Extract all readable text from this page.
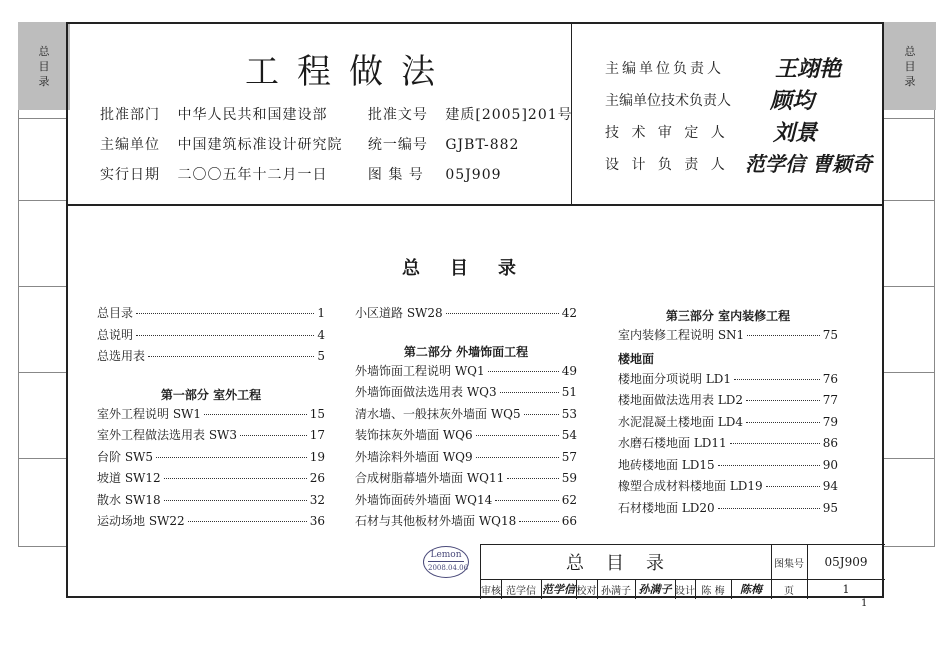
总
目
录
总
目
录
工程做法
批准部门 中华人民共和国建设部	批准文号 建质[2005]201号
主编单位 中国建筑标准设计研究院 统一编号 GJBT-882
实行日期 二〇〇五年十二月一日	图 集 号 05J909
主编单位负责人 王翊艳
主编单位技术负责人 顾均
技 术 审 定 人 刘景
设 计 负 责 人 范学信 曹颖奇
总目录
总目录	1
总说明	4
总选用表	5
第一部分 室外工程
室外工程说明 SW1	15
室外工程做法选用表 SW3	17
台阶 SW5	19
坡道 SW12	26
散水 SW18	32
运动场地 SW22	36
小区道路 SW28	42
第二部分 外墙饰面工程
外墙饰面工程说明 WQ1	49
外墙饰面做法选用表 WQ3	51
清水墙、一般抹灰外墙面 WQ5	53
装饰抹灰外墙面 WQ6	54
外墙涂料外墙面 WQ9	57
合成树脂幕墙外墙面 WQ11	59
外墙饰面砖外墙面 WQ14	62
石材与其他板材外墙面 WQ18	66
第三部分 室内装修工程
室内装修工程说明 SN1	75
楼地面
楼地面分项说明 LD1	76
楼地面做法选用表 LD2	77
水泥混凝土楼地面 LD4	79
水磨石楼地面 LD11	86
地砖楼地面 LD15	90
橡塑合成材料楼地面 LD19	94
石材楼地面 LD20	95
Lemon
2008.04.06	总目录	图集号	05J909
页	1
审核 范学信 范学信 校对 孙满子 孙满子 设计 陈 梅	陈梅
1
